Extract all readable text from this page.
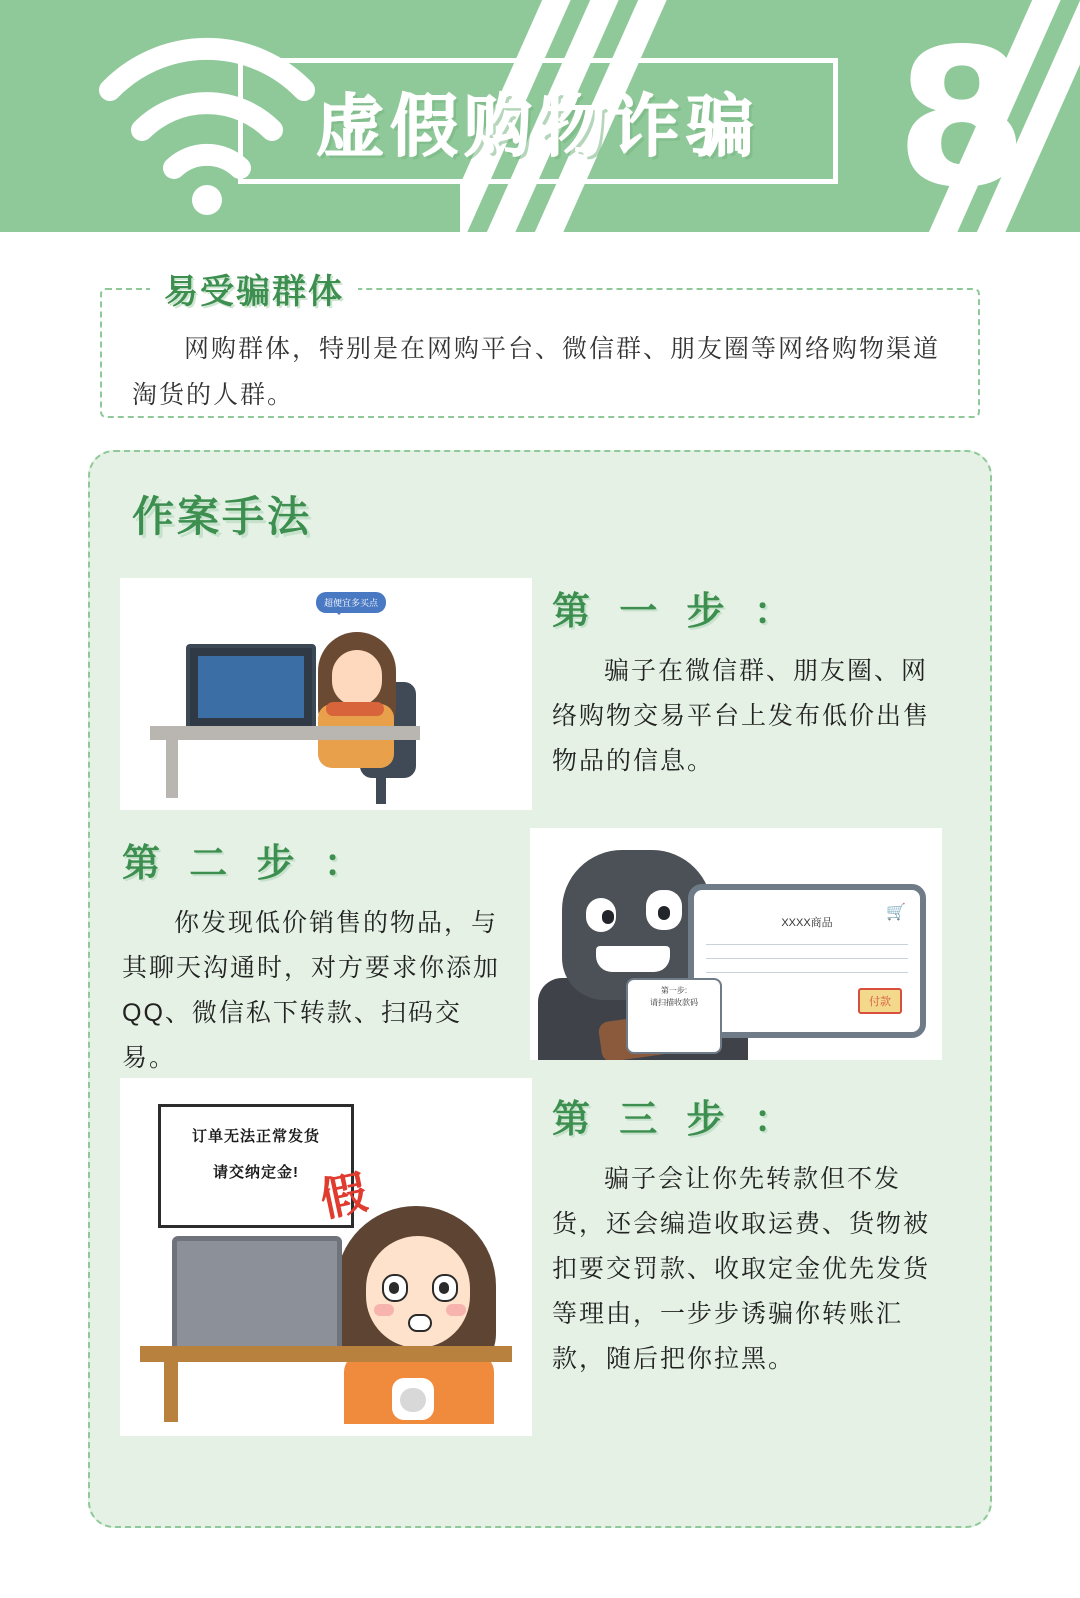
虚假购物诈骗 8
易受骗群体
网购群体，特别是在网购平台、微信群、朋友圈等网络购物渠道淘货的人群。
作案手法
超便宜多买点	第 一 步 ：
骗子在微信群、朋友圈、网络购物交易平台上发布低价出售物品的信息。
第 二 步 ：
你发现低价销售的物品，与其聊天沟通时，对方要求你添加QQ、微信私下转款、扫码交易。
🛒
XXXX商品
付款
第一步:
请扫描收款码
订单无法正常发货
请交纳定金! 假
第 三 步 ：
骗子会让你先转款但不发货，还会编造收取运费、货物被扣要交罚款、收取定金优先发货等理由，一步步诱骗你转账汇款，随后把你拉黑。
